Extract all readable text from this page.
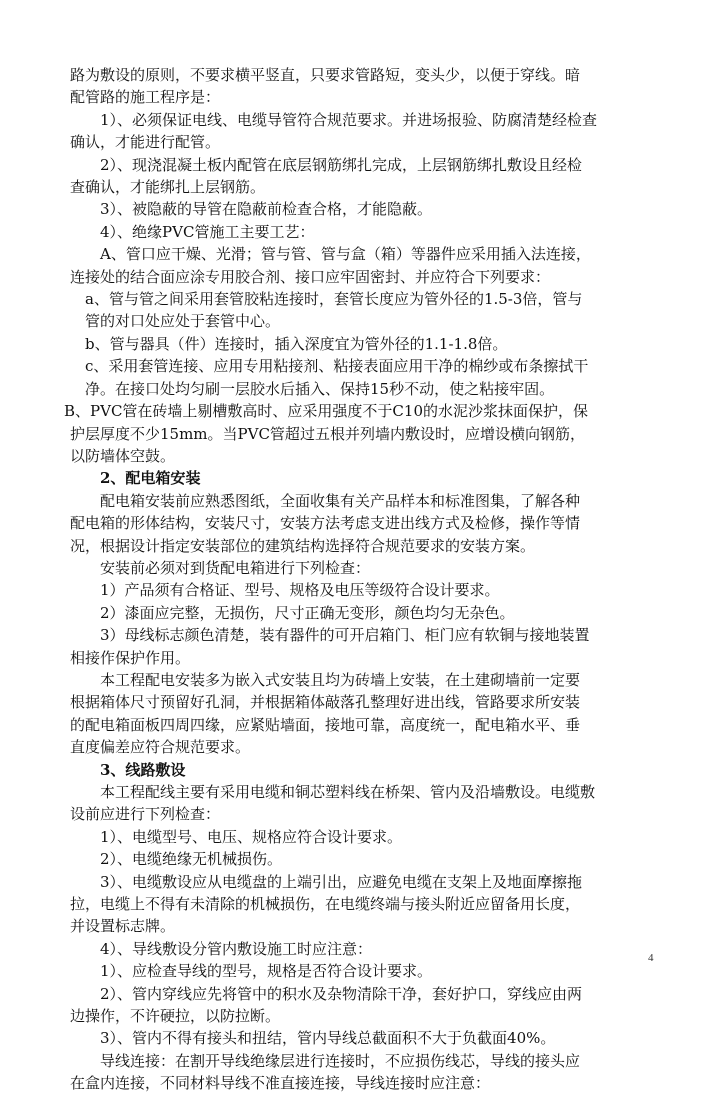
路为敷设的原则，不要求横平竖直，只要求管路短，变头少，以便于穿线。暗

配管路的施工程序是：

1）、必须保证电线、电缆导管符合规范要求。并进场报验、防腐清楚经检查

确认，才能进行配管。

2）、现浇混凝土板内配管在底层钢筋绑扎完成，上层钢筋绑扎敷设且经检

查确认，才能绑扎上层钢筋。

3）、被隐蔽的导管在隐蔽前检查合格，才能隐蔽。

4）、绝缘PVC管施工主要工艺：

A、管口应干燥、光滑；管与管、管与盒（箱）等器件应采用插入法连接，

连接处的结合面应涂专用胶合剂、接口应牢固密封、并应符合下列要求：

a、管与管之间采用套管胶粘连接时，套管长度应为管外径的1.5-3倍，管与

管的对口处应处于套管中心。

b、管与器具（件）连接时，插入深度宜为管外径的1.1-1.8倍。

c、采用套管连接、应用专用粘接剂、粘接表面应用干净的棉纱或布条擦拭干

净。在接口处均匀刷一层胶水后插入、保持15秒不动，使之粘接牢固。

B、PVC管在砖墙上剔槽敷高时、应采用强度不于C10的水泥沙浆抹面保护，保

护层厚度不少15mm。当PVC管超过五根并列墙内敷设时，应增设横向钢筋，

以防墙体空鼓。

2、配电箱安装

配电箱安装前应熟悉图纸，全面收集有关产品样本和标准图集，了解各种

配电箱的形体结构，安装尺寸，安装方法考虑支进出线方式及检修，操作等情

况，根据设计指定安装部位的建筑结构选择符合规范要求的安装方案。

安装前必须对到货配电箱进行下列检查：

1）产品须有合格证、型号、规格及电压等级符合设计要求。

2）漆面应完整，无损伤，尺寸正确无变形，颜色均匀无杂色。

3）母线标志颜色清楚，装有器件的可开启箱门、柜门应有软铜与接地装置

相接作保护作用。

本工程配电安装多为嵌入式安装且均为砖墙上安装，在土建砌墙前一定要

根据箱体尺寸预留好孔洞，并根据箱体敲落孔整理好进出线，管路要求所安装

的配电箱面板四周四缘，应紧贴墙面，接地可靠，高度统一，配电箱水平、垂

直度偏差应符合规范要求。

3、线路敷设

本工程配线主要有采用电缆和铜芯塑料线在桥架、管内及沿墙敷设。电缆敷

设前应进行下列检查：

1）、电缆型号、电压、规格应符合设计要求。

2）、电缆绝缘无机械损伤。

3）、电缆敷设应从电缆盘的上端引出，应避免电缆在支架上及地面摩擦拖

拉，电缆上不得有未清除的机械损伤，在电缆终端与接头附近应留备用长度，

并设置标志牌。

4）、导线敷设分管内敷设施工时应注意：

1）、应检查导线的型号，规格是否符合设计要求。

2）、管内穿线应先将管中的积水及杂物清除干净，套好护口，穿线应由两

边操作，不许硬拉，以防拉断。

3）、管内不得有接头和扭结，管内导线总截面积不大于负截面40%。

导线连接：在割开导线绝缘层进行连接时，不应损伤线芯，导线的接头应

在盒内连接，不同材料导线不准直接连接，导线连接时应注意：

4
